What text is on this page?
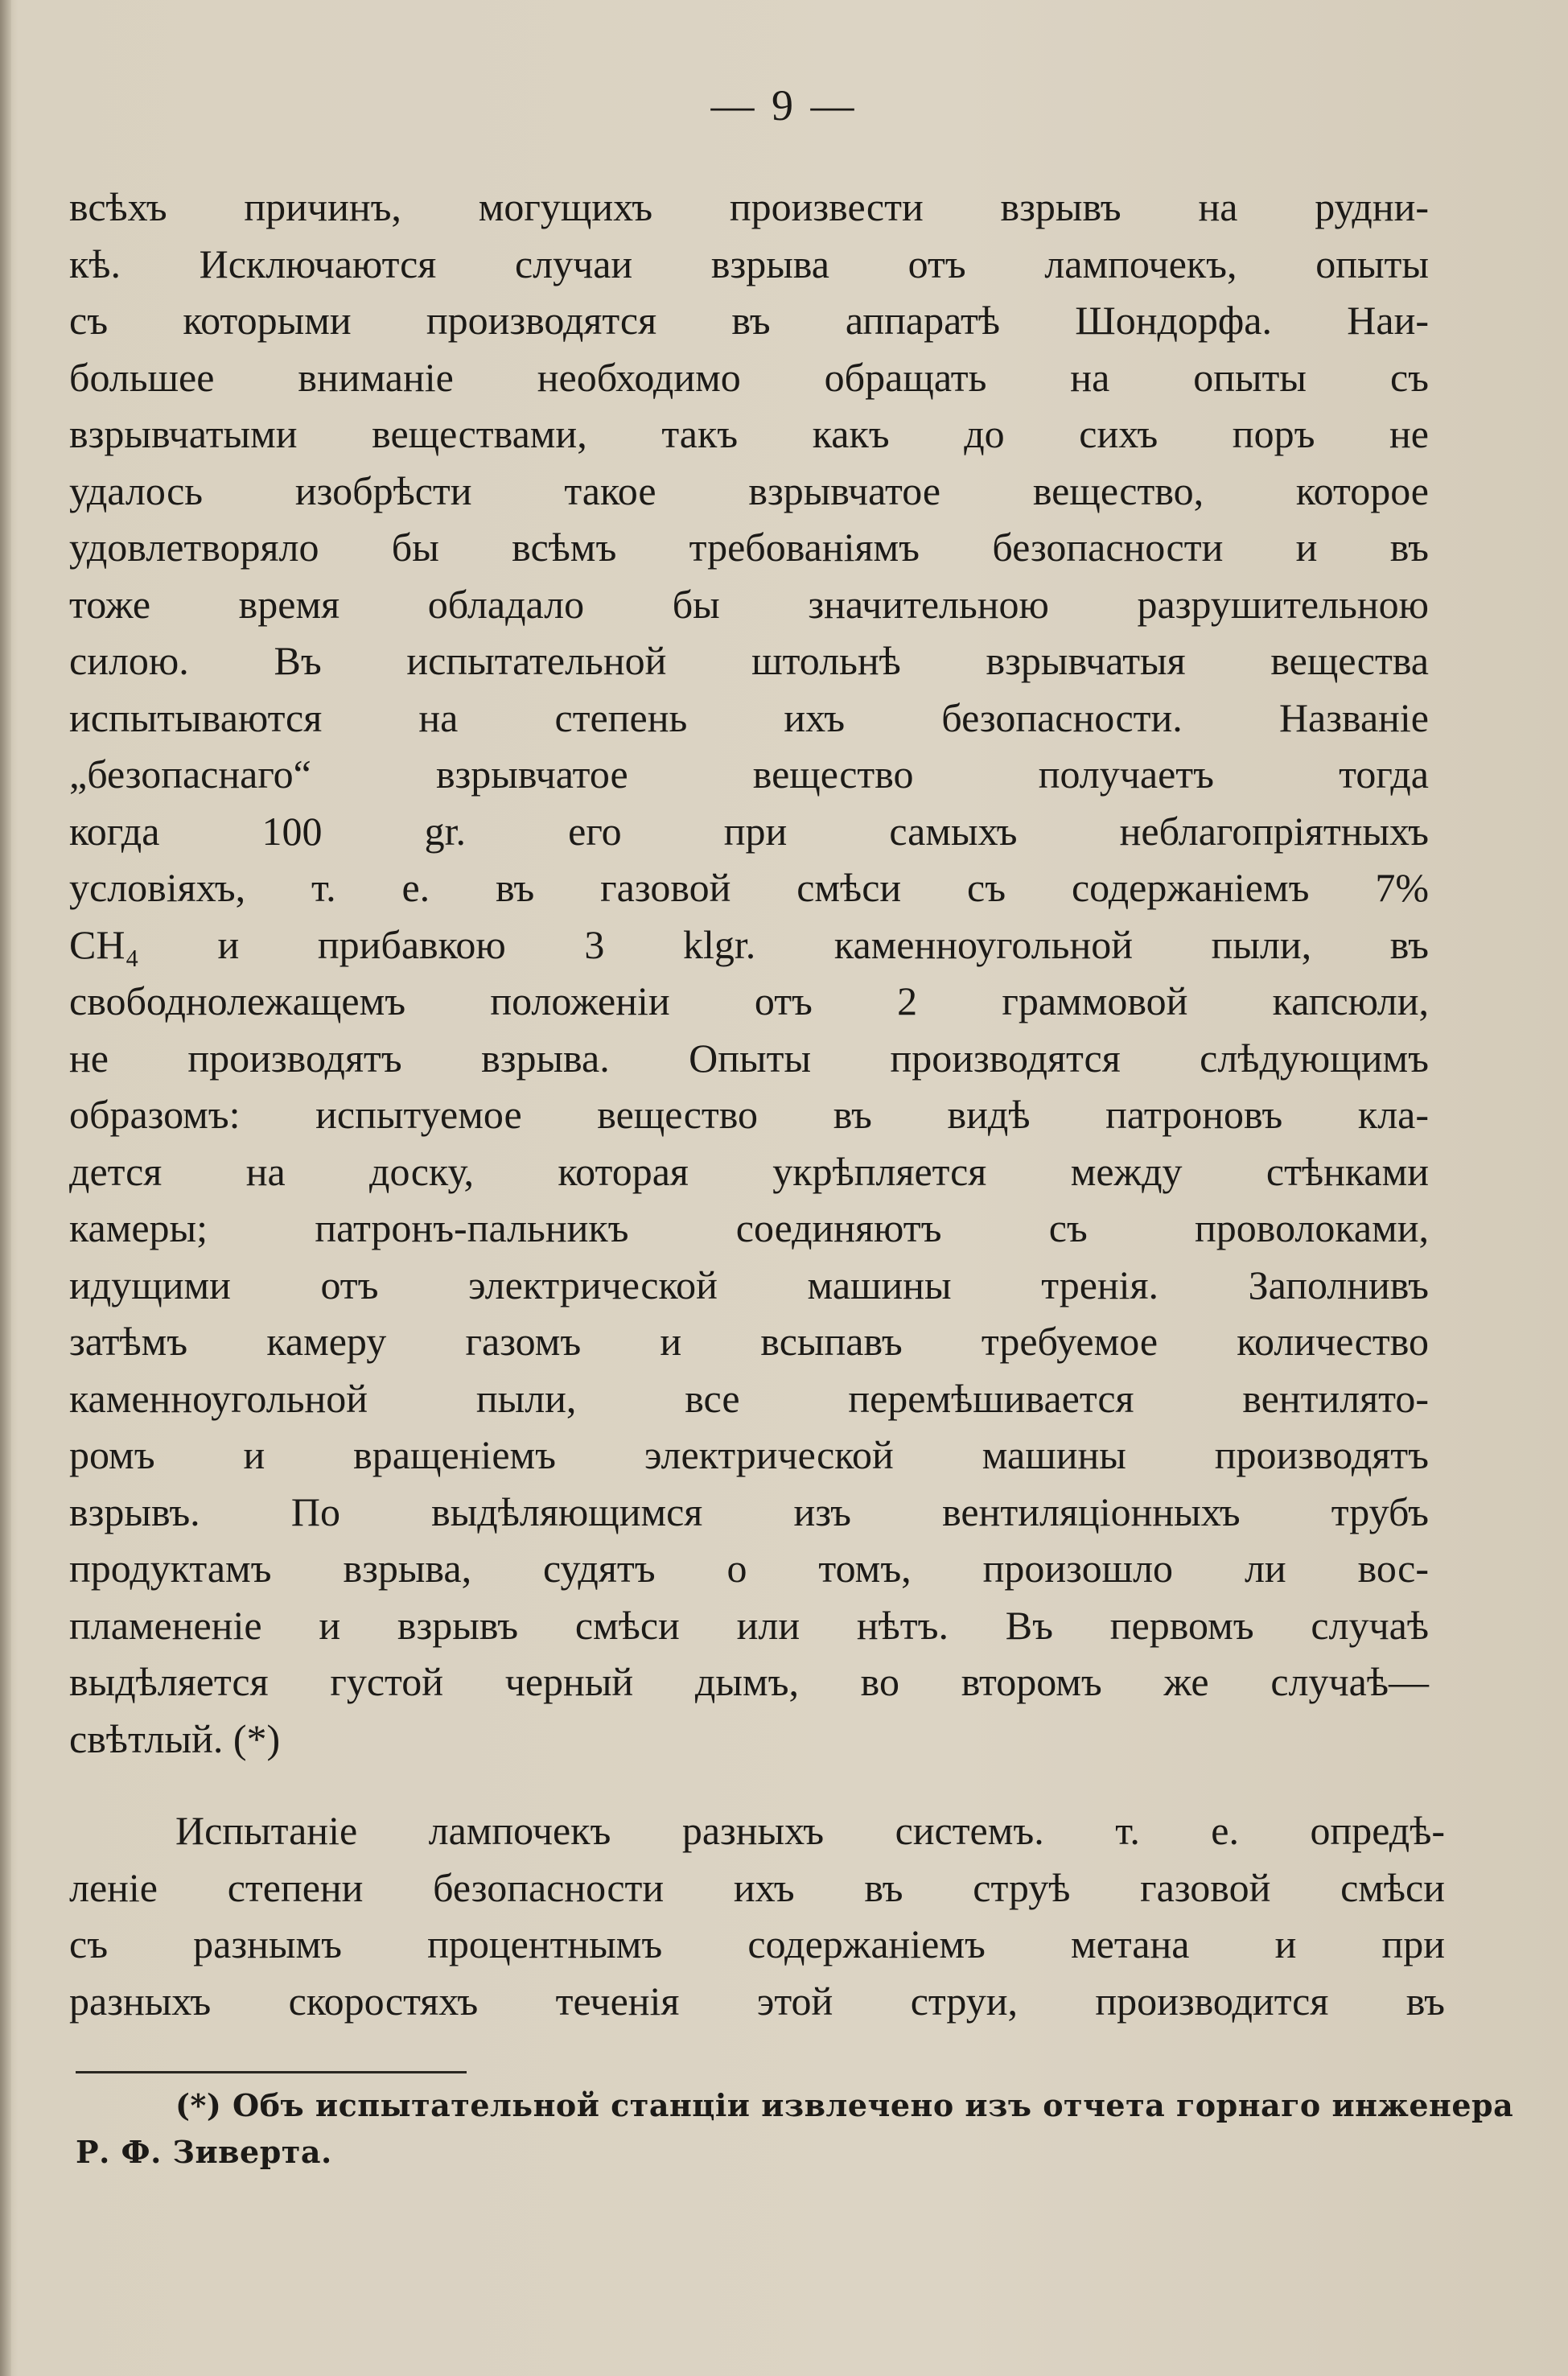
— 9 —
всѣхъ причинъ, могущихъ произвести взрывъ на рудни-
кѣ. Исключаются случаи взрыва отъ лампочекъ, опыты
съ которыми производятся въ аппаратѣ Шондорфа. Наи-
большее вниманіе необходимо обращать на опыты съ
взрывчатыми веществами, такъ какъ до сихъ поръ не
удалось изобрѣсти такое взрывчатое вещество, которое
удовлетворяло бы всѣмъ требованіямъ безопасности и въ
тоже время обладало бы значительною разрушительною
силою. Въ испытательной штольнѣ взрывчатыя вещества
испытываются на степень ихъ безопасности. Названіе
„безопаснаго“ взрывчатое вещество получаетъ тогда
когда 100 gr. его при самыхъ неблагопріятныхъ
условіяхъ, т. е. въ газовой смѣси съ содержаніемъ 7%
CH₄ и прибавкою 3 klgr. каменноугольной пыли, въ
свободнолежащемъ положеніи отъ 2 граммовой капсюли,
не производятъ взрыва. Опыты производятся слѣдующимъ
образомъ: испытуемое вещество въ видѣ патроновъ кла-
дется на доску, которая укрѣпляется между стѣнками
камеры; патронъ-пальникъ соединяютъ съ проволоками,
идущими отъ электрической машины тренія. Заполнивъ
затѣмъ камеру газомъ и всыпавъ требуемое количество
каменноугольной пыли, все перемѣшивается вентилято-
ромъ и вращеніемъ электрической машины производятъ
взрывъ. По выдѣляющимся изъ вентиляціонныхъ трубъ
продуктамъ взрыва, судятъ о томъ, произошло ли вос-
пламененіе и взрывъ смѣси или нѣтъ. Въ первомъ случаѣ
выдѣляется густой черный дымъ, во второмъ же случаѣ—
свѣтлый. (*)
Испытаніе лампочекъ разныхъ системъ. т. е. опредѣ-
леніе степени безопасности ихъ въ струѣ газовой смѣси
съ разнымъ процентнымъ содержаніемъ метана и при
разныхъ скоростяхъ теченія этой струи, производится въ
(*) Объ испытательной станціи извлечено изъ отчета горнаго инженера
Р. Ф. Зиверта.
